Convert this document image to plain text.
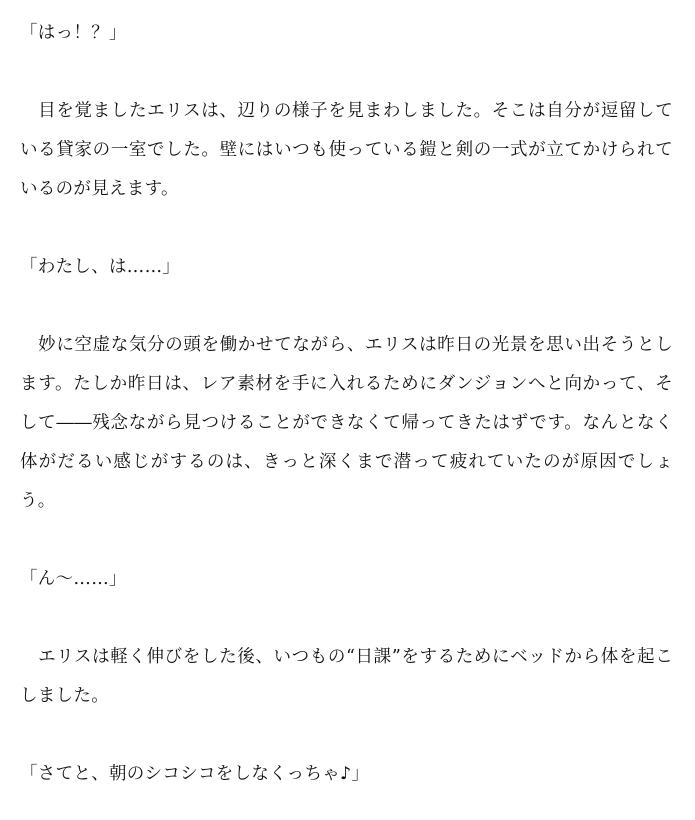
「はっ！？」

　目を覚ましたエリスは、辺りの様子を見まわしました。そこは自分が逗留している貸家の一室でした。壁にはいつも使っている鎧と剣の一式が立てかけられているのが見えます。

「わたし、は……」

　妙に空虚な気分の頭を働かせてながら、エリスは昨日の光景を思い出そうとします。たしか昨日は、レア素材を手に入れるためにダンジョンへと向かって、そして――残念ながら見つけることができなくて帰ってきたはずです。なんとなく体がだるい感じがするのは、きっと深くまで潜って疲れていたのが原因でしょう。

「ん～……」

　エリスは軽く伸びをした後、いつもの“日課”をするためにベッドから体を起こしました。

「さてと、朝のシコシコをしなくっちゃ♪」
